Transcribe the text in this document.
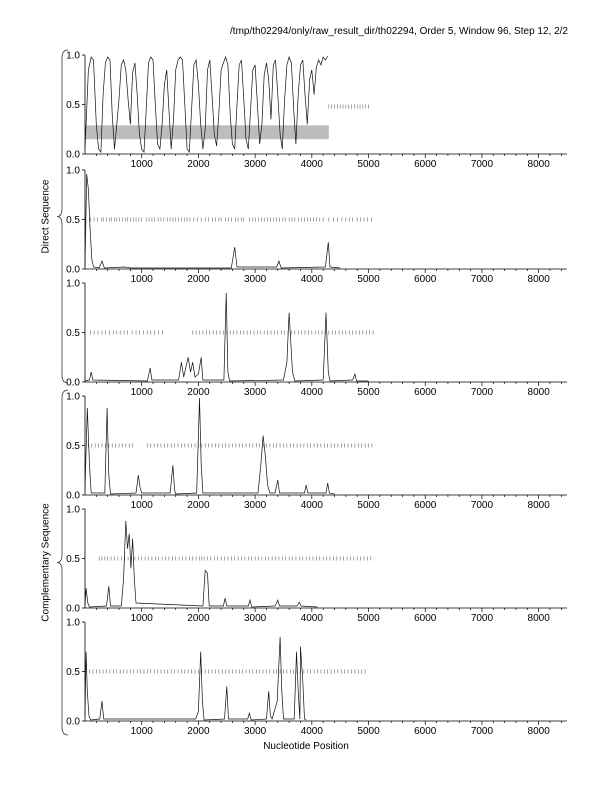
/tmp/th02294/only/raw_result_dir/th02294, Order 5, Window 96, Step 12, 2/2
0.0
0.5
1.0
1000	2000	3000	4000	5000	6000	7000	8000
0.0
0.5
1.0
1000	2000	3000	4000	5000	6000	7000	8000
0.0
0.5
1.0
1000	2000	3000	4000	5000	6000	7000	8000
0.0
0.5
1.0
1000	2000	3000	4000	5000	6000	7000	8000
0.0
0.5
1.0
1000	2000	3000	4000	5000	6000	7000	8000
0.0
0.5
1.0
1000	2000	3000	4000	5000	6000	7000	8000
Direct Sequence
Complementary Sequence
Nucleotide Position
